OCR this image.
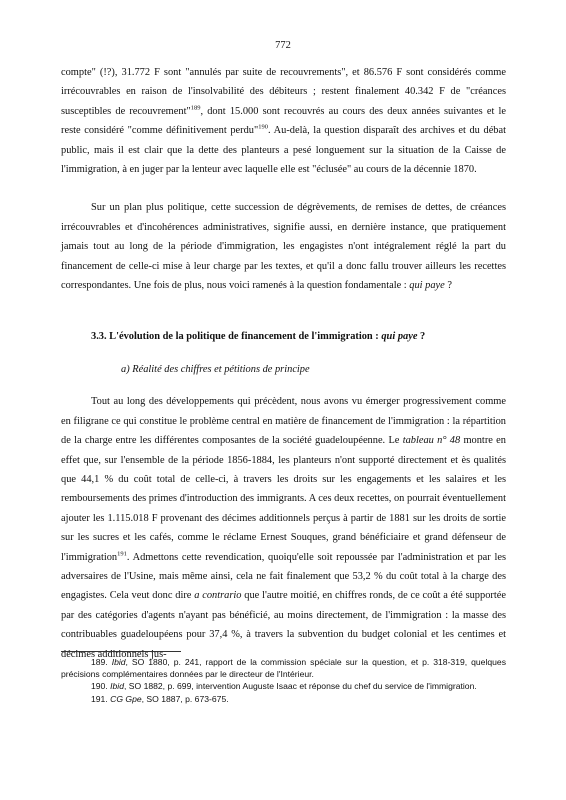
772

compte" (!?), 31.772 F sont "annulés par suite de recouvrements", et 86.576 F sont considérés comme irrécouvrables en raison de l'insolvabilité des débiteurs ; restent finalement 40.342 F de "créances susceptibles de recouvrement"$^{189}$, dont 15.000 sont recouvrés au cours des deux années suivantes et le reste considéré "comme définitivement perdu"$^{190}$. Au-delà, la question disparaît des archives et du débat public, mais il est clair que la dette des planteurs a pesé longuement sur la situation de la Caisse de l'immigration, à en juger par la lenteur avec laquelle elle est "éclusée" au cours de la décennie 1870.

Sur un plan plus politique, cette succession de dégrèvements, de remises de dettes, de créances irrécouvrables et d'incohérences administratives, signifie aussi, en dernière instance, que pratiquement jamais tout au long de la période d'immigration, les engagistes n'ont intégralement réglé la part du financement de celle-ci mise à leur charge par les textes, et qu'il a donc fallu trouver ailleurs les recettes correspondantes. Une fois de plus, nous voici ramenés à la question fondamentale : qui paye ?

3.3. L'évolution de la politique de financement de l'immigration : qui paye ?

a) Réalité des chiffres et pétitions de principe

Tout au long des développements qui précèdent, nous avons vu émerger progressivement comme en filigrane ce qui constitue le problème central en matière de financement de l'immigration : la répartition de la charge entre les différentes composantes de la société guadeloupéenne. Le tableau n° 48 montre en effet que, sur l'ensemble de la période 1856-1884, les planteurs n'ont supporté directement et ès qualités que 44,1 % du coût total de celle-ci, à travers les droits sur les engagements et les salaires et les remboursements des primes d'introduction des immigrants. A ces deux recettes, on pourrait éventuellement ajouter les 1.115.018 F provenant des décimes additionnels perçus à partir de 1881 sur les droits de sortie sur les sucres et les cafés, comme le réclame Ernest Souques, grand bénéficiaire et grand défenseur de l'immigration$^{191}$. Admettons cette revendication, quoiqu'elle soit repoussée par l'administration et par les adversaires de l'Usine, mais même ainsi, cela ne fait finalement que 53,2 % du coût total à la charge des engagistes. Cela veut donc dire a contrario que l'autre moitié, en chiffres ronds, de ce coût a été supportée par des catégories d'agents n'ayant pas bénéficié, au moins directement, de l'immigration : la masse des contribuables guadeloupéens pour 37,4 %, à travers la subvention du budget colonial et les centimes et décimes additionnels jus-

189. Ibid, SO 1880, p. 241, rapport de la commission spéciale sur la question, et p. 318-319, quelques précisions complémentaires données par le directeur de l'Intérieur.

190. Ibid, SO 1882, p. 699, intervention Auguste Isaac et réponse du chef du service de l'immigration.

191. CG Gpe, SO 1887, p. 673-675.
